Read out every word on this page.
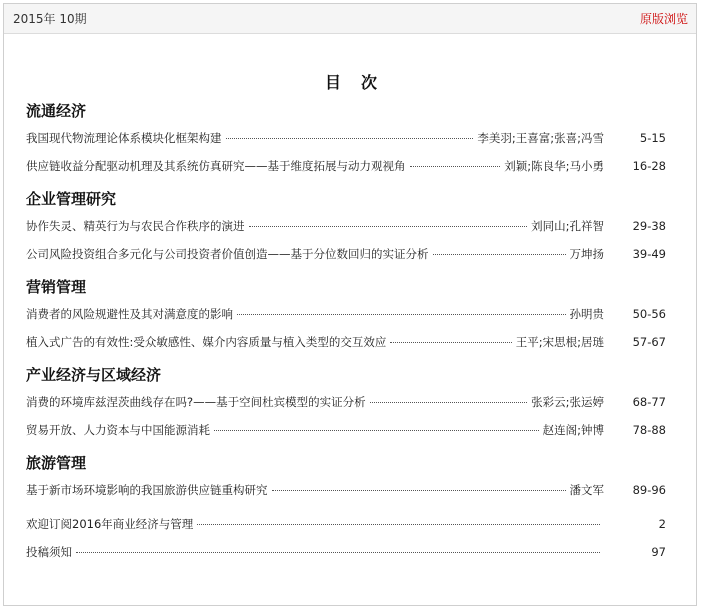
2015年 10期	原版浏览
目次
流通经济
我国现代物流理论体系模块化框架构建	李美羽;王喜富;张喜;冯雪	5-15
供应链收益分配驱动机理及其系统仿真研究——基于维度拓展与动力观视角	刘颖;陈良华;马小勇	16-28
企业管理研究
协作失灵、精英行为与农民合作秩序的演进	刘同山;孔祥智	29-38
公司风险投资组合多元化与公司投资者价值创造——基于分位数回归的实证分析	万坤扬	39-49
营销管理
消费者的风险规避性及其对满意度的影响	孙明贵	50-56
植入式广告的有效性:受众敏感性、媒介内容质量与植入类型的交互效应	王平;宋思根;居琏	57-67
产业经济与区域经济
消费的环境库兹涅茨曲线存在吗?——基于空间杜宾模型的实证分析	张彩云;张运婷	68-77
贸易开放、人力资本与中国能源消耗	赵连阁;钟博	78-88
旅游管理
基于新市场环境影响的我国旅游供应链重构研究	潘文军	89-96
欢迎订阅2016年商业经济与管理	2
投稿须知	97
